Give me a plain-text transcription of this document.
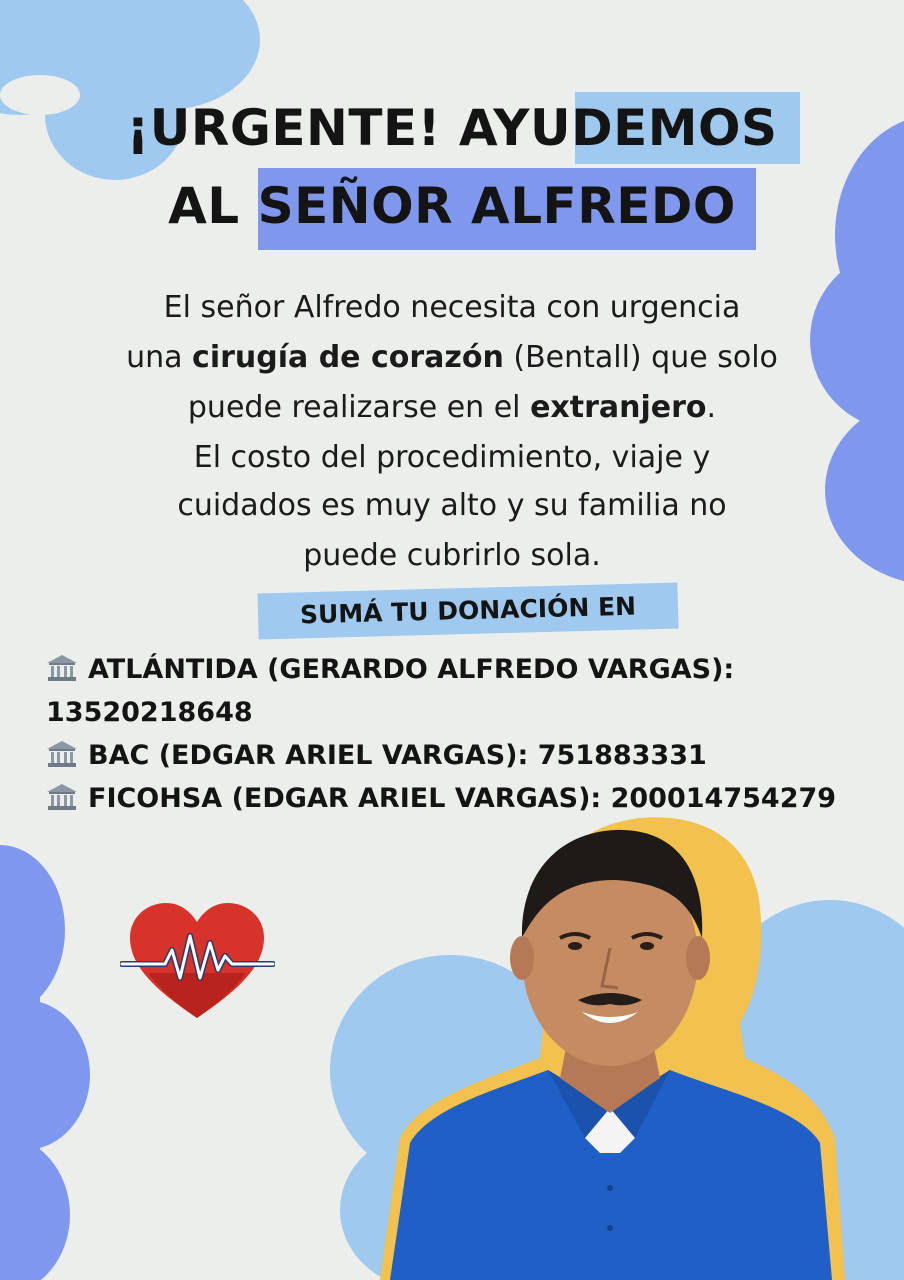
¡URGENTE! AYUDEMOS
AL SEÑOR ALFREDO
El señor Alfredo necesita con urgencia
una cirugía de corazón (Bentall) que solo
puede realizarse en el extranjero.
El costo del procedimiento, viaje y
cuidados es muy alto y su familia no
puede cubrirlo sola.
SUMÁ TU DONACIÓN EN
ATLÁNTIDA (GERARDO ALFREDO VARGAS):
13520218648
BAC (EDGAR ARIEL VARGAS): 751883331
FICOHSA (EDGAR ARIEL VARGAS): 200014754279
